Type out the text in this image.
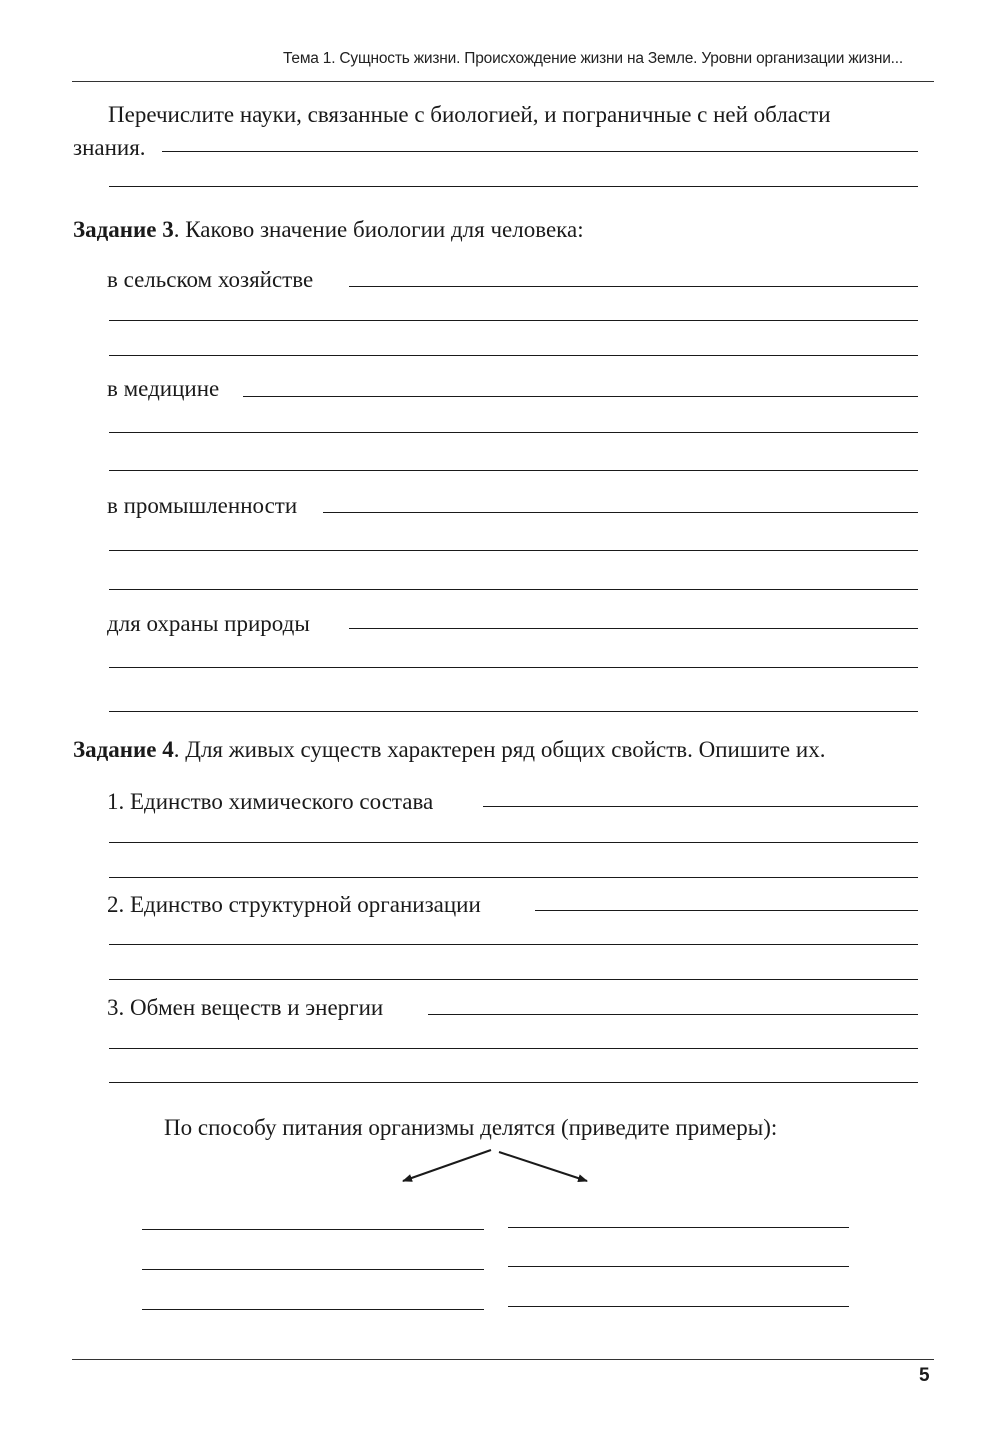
Тема 1. Сущность жизни. Происхождение жизни на Земле. Уровни организации жизни...
Перечислите науки, связанные с биологией, и пограничные с ней области
знания.
Задание 3. Каково значение биологии для человека:
в сельском хозяйстве
в медицине
в промышленности
для охраны природы
Задание 4. Для живых существ характерен ряд общих свойств. Опишите их.
1. Единство химического состава
2. Единство структурной организации
3. Обмен веществ и энергии
По способу питания организмы делятся (приведите примеры):
5
